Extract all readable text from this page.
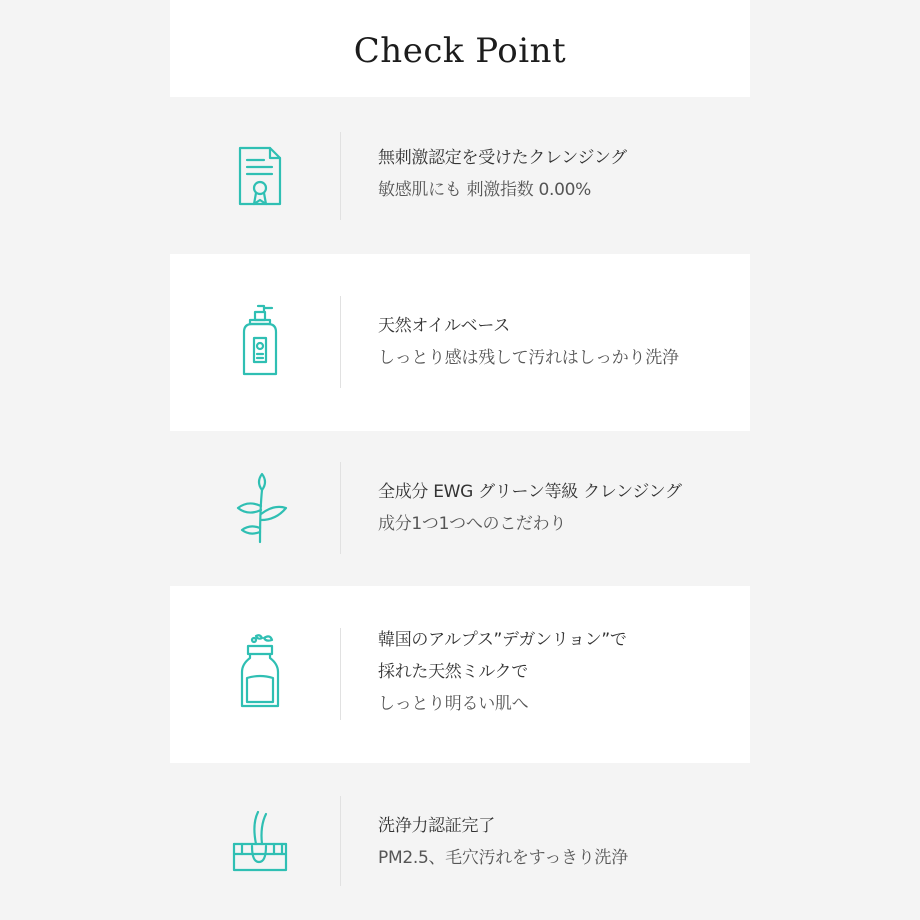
Check Point
無刺激認定を受けたクレンジング
敏感肌にも 刺激指数 0.00%
天然オイルベース
しっとり感は残して汚れはしっかり洗浄
全成分 EWG グリーン等級 クレンジング
成分1つ1つへのこだわり
韓国のアルプス”デガンリョン”で
採れた天然ミルクで
しっとり明るい肌へ
洗浄力認証完了
PM2.5、毛穴汚れをすっきり洗浄
